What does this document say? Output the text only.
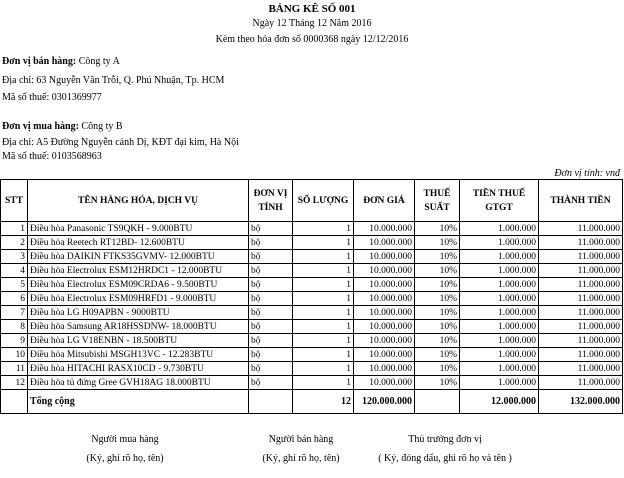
BẢNG KÊ SỐ 001
Ngày 12 Tháng 12 Năm 2016
Kèm theo hóa đơn số 0000368 ngày 12/12/2016
Đơn vị bán hàng: Công ty A
Địa chỉ: 63 Nguyễn Văn Trỗi, Q. Phú Nhuận, Tp. HCM
Mã số thuế: 0301369977
Đơn vị mua hàng: Công ty B
Địa chỉ: A5 Đường Nguyễn cảnh Dị, KĐT đại kim, Hà Nội
Mã số thuế: 0103568963
Đơn vị tính: vnđ
STT	TÊN HÀNG HÓA, DỊCH VỤ	ĐƠN VỊ TÍNH	SỐ LƯỢNG	ĐƠN GIÁ	THUẾ SUẤT	TIỀN THUẾ GTGT	THÀNH TIỀN
1	Điều hòa Panasonic TS9QKH - 9.000BTU	bộ	1	10.000.000	10%	1.000.000	11.000.000
2	Điều hòa Reetech RT12BD- 12.600BTU	bộ	1	10.000.000	10%	1.000.000	11.000.000
3	Điều hòa DAIKIN FTKS35GVMV- 12.000BTU	bộ	1	10.000.000	10%	1.000.000	11.000.000
4	Điều hòa Electrolux ESM12HRDC1 - 12.000BTU	bộ	1	10.000.000	10%	1.000.000	11.000.000
5	Điều hòa Electrolux ESM09CRDA6 - 9.500BTU	bộ	1	10.000.000	10%	1.000.000	11.000.000
6	Điều hòa Electrolux ESM09HRFD1 - 9.000BTU	bộ	1	10.000.000	10%	1.000.000	11.000.000
7	Điều hòa LG H09APBN - 9000BTU	bộ	1	10.000.000	10%	1.000.000	11.000.000
8	Điều hòa Samsung AR18HSSDNW- 18.000BTU	bộ	1	10.000.000	10%	1.000.000	11.000.000
9	Điều hòa LG V18ENBN - 18.500BTU	bộ	1	10.000.000	10%	1.000.000	11.000.000
10	Điều hòa Mitsubishi MSGH13VC - 12.283BTU	bộ	1	10.000.000	10%	1.000.000	11.000.000
11	Điều hòa HITACHI RASX10CD - 9.730BTU	bộ	1	10.000.000	10%	1.000.000	11.000.000
12	Điều hòa tủ đứng Gree GVH18AG 18.000BTU	bộ	1	10.000.000	10%	1.000.000	11.000.000
	Tổng cộng		12	120.000.000		12.000.000	132.000.000
Người mua hàng
(Ký, ghi rõ họ, tên)
Người bán hàng
(Ký, ghi rõ họ, tên)
Thủ trưởng đơn vị
( Ký, đóng dấu, ghi rõ họ và tên )
